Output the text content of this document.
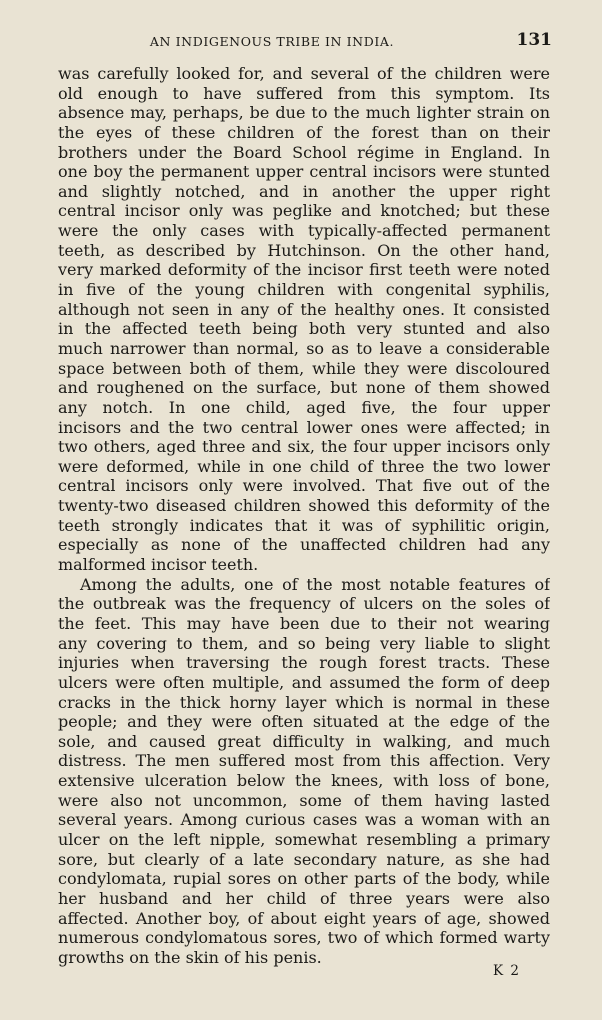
AN INDIGENOUS TRIBE IN INDIA.	131
was carefully looked for, and several of the children were
old enough to have suffered from this symptom. Its
absence may, perhaps, be due to the much lighter strain on
the eyes of these children of the forest than on their
brothers under the Board School régime in England. In
one boy the permanent upper central incisors were stunted
and slightly notched, and in another the upper right
central incisor only was peglike and knotched; but these
were the only cases with typically-affected permanent
teeth, as described by Hutchinson. On the other hand,
very marked deformity of the incisor first teeth were noted
in five of the young children with congenital syphilis,
although not seen in any of the healthy ones. It consisted
in the affected teeth being both very stunted and also
much narrower than normal, so as to leave a considerable
space between both of them, while they were discoloured
and roughened on the surface, but none of them showed
any notch. In one child, aged five, the four upper
incisors and the two central lower ones were affected; in
two others, aged three and six, the four upper incisors only
were deformed, while in one child of three the two lower
central incisors only were involved. That five out of the
twenty-two diseased children showed this deformity of the
teeth strongly indicates that it was of syphilitic origin,
especially as none of the unaffected children had any
malformed incisor teeth.
Among the adults, one of the most notable features of
the outbreak was the frequency of ulcers on the soles of
the feet. This may have been due to their not wearing
any covering to them, and so being very liable to slight
injuries when traversing the rough forest tracts. These
ulcers were often multiple, and assumed the form of deep
cracks in the thick horny layer which is normal in these
people; and they were often situated at the edge of the
sole, and caused great difficulty in walking, and much
distress. The men suffered most from this affection. Very
extensive ulceration below the knees, with loss of bone,
were also not uncommon, some of them having lasted
several years. Among curious cases was a woman with an
ulcer on the left nipple, somewhat resembling a primary
sore, but clearly of a late secondary nature, as she had
condylomata, rupial sores on other parts of the body, while
her husband and her child of three years were also
affected. Another boy, of about eight years of age, showed
numerous condylomatous sores, two of which formed warty
growths on the skin of his penis.
K 2
